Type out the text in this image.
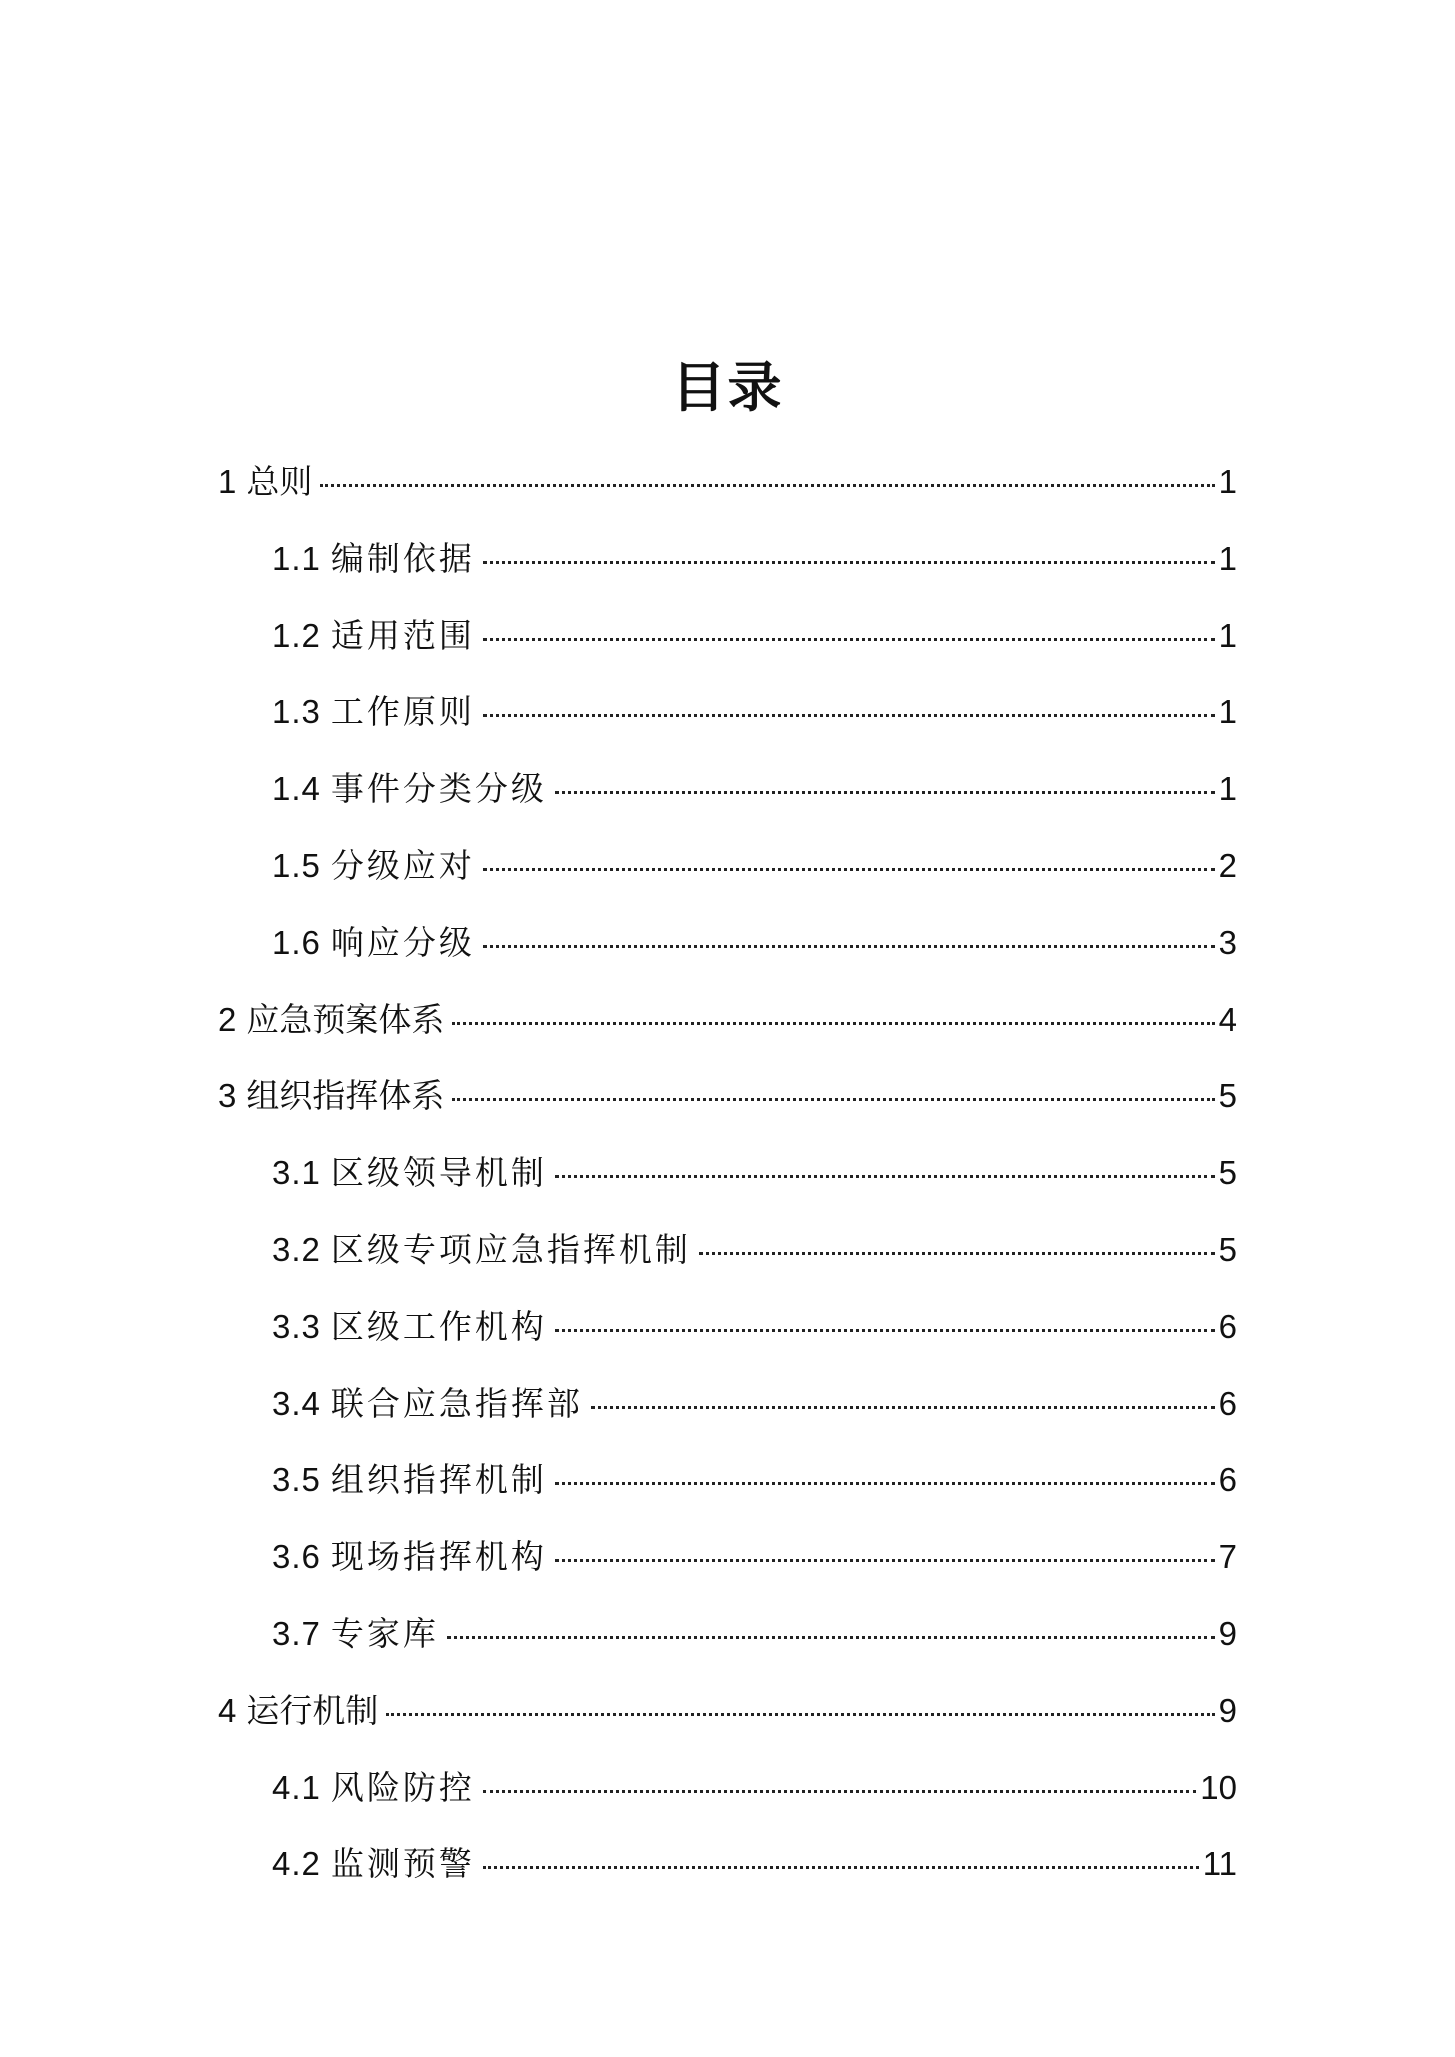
目录
1 总则	1
1.1 编制依据	1
1.2 适用范围	1
1.3 工作原则	1
1.4 事件分类分级	1
1.5 分级应对	2
1.6 响应分级	3
2 应急预案体系	4
3 组织指挥体系	5
3.1 区级领导机制	5
3.2 区级专项应急指挥机制	5
3.3 区级工作机构	6
3.4 联合应急指挥部	6
3.5 组织指挥机制	6
3.6 现场指挥机构	7
3.7 专家库	9
4 运行机制	9
4.1 风险防控	10
4.2 监测预警	11
